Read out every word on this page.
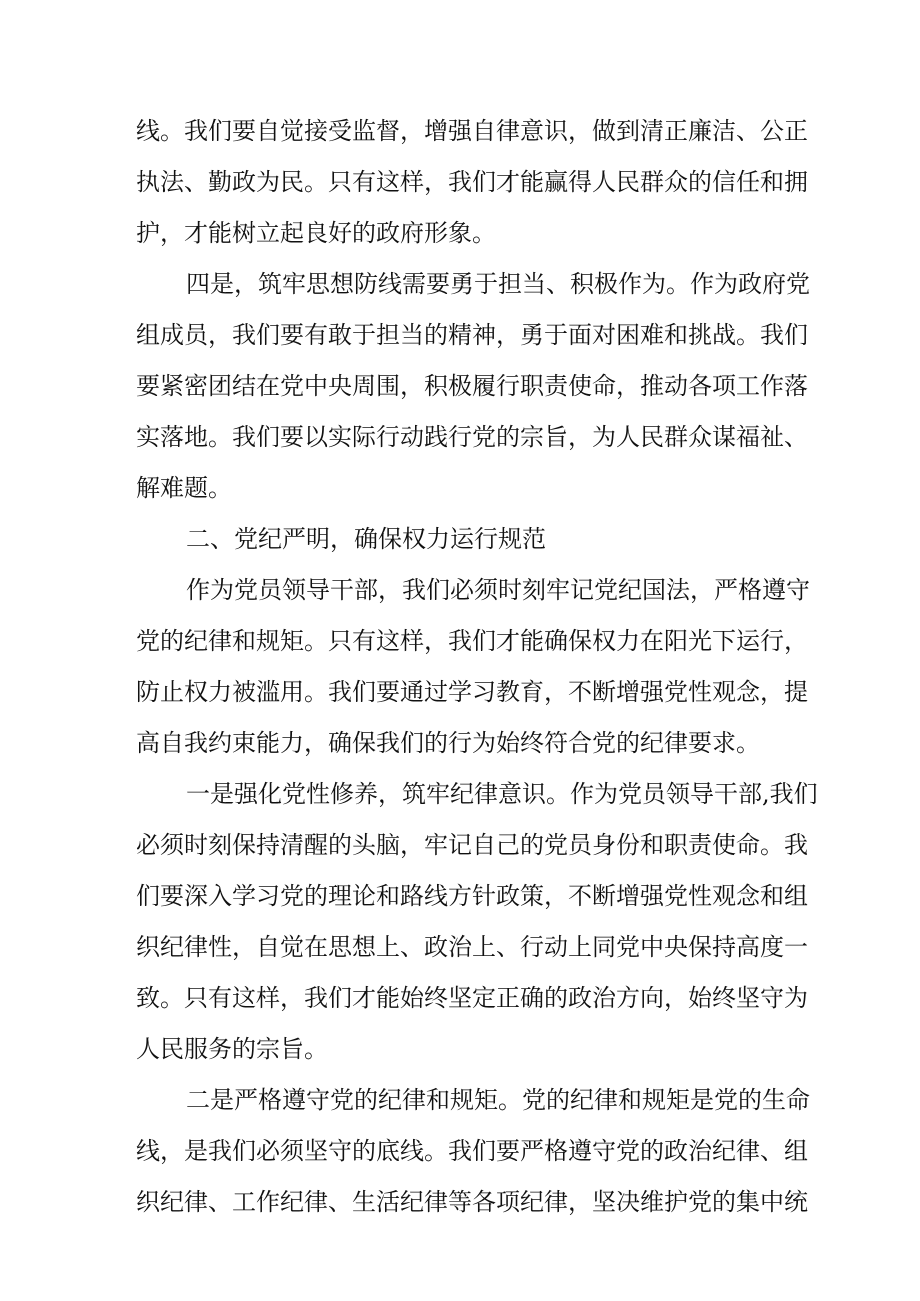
线。我们要自觉接受监督，增强自律意识，做到清正廉洁、公正
执法、勤政为民。只有这样，我们才能赢得人民群众的信任和拥
护，才能树立起良好的政府形象。
四是，筑牢思想防线需要勇于担当、积极作为。作为政府党
组成员，我们要有敢于担当的精神，勇于面对困难和挑战。我们
要紧密团结在党中央周围，积极履行职责使命，推动各项工作落
实落地。我们要以实际行动践行党的宗旨，为人民群众谋福祉、
解难题。
二、党纪严明，确保权力运行规范
作为党员领导干部，我们必须时刻牢记党纪国法，严格遵守
党的纪律和规矩。只有这样，我们才能确保权力在阳光下运行，
防止权力被滥用。我们要通过学习教育，不断增强党性观念，提
高自我约束能力，确保我们的行为始终符合党的纪律要求。
一是强化党性修养，筑牢纪律意识。作为党员领导干部,我们
必须时刻保持清醒的头脑，牢记自己的党员身份和职责使命。我
们要深入学习党的理论和路线方针政策，不断增强党性观念和组
织纪律性，自觉在思想上、政治上、行动上同党中央保持高度一
致。只有这样，我们才能始终坚定正确的政治方向，始终坚守为
人民服务的宗旨。
二是严格遵守党的纪律和规矩。党的纪律和规矩是党的生命
线，是我们必须坚守的底线。我们要严格遵守党的政治纪律、组
织纪律、工作纪律、生活纪律等各项纪律，坚决维护党的集中统
